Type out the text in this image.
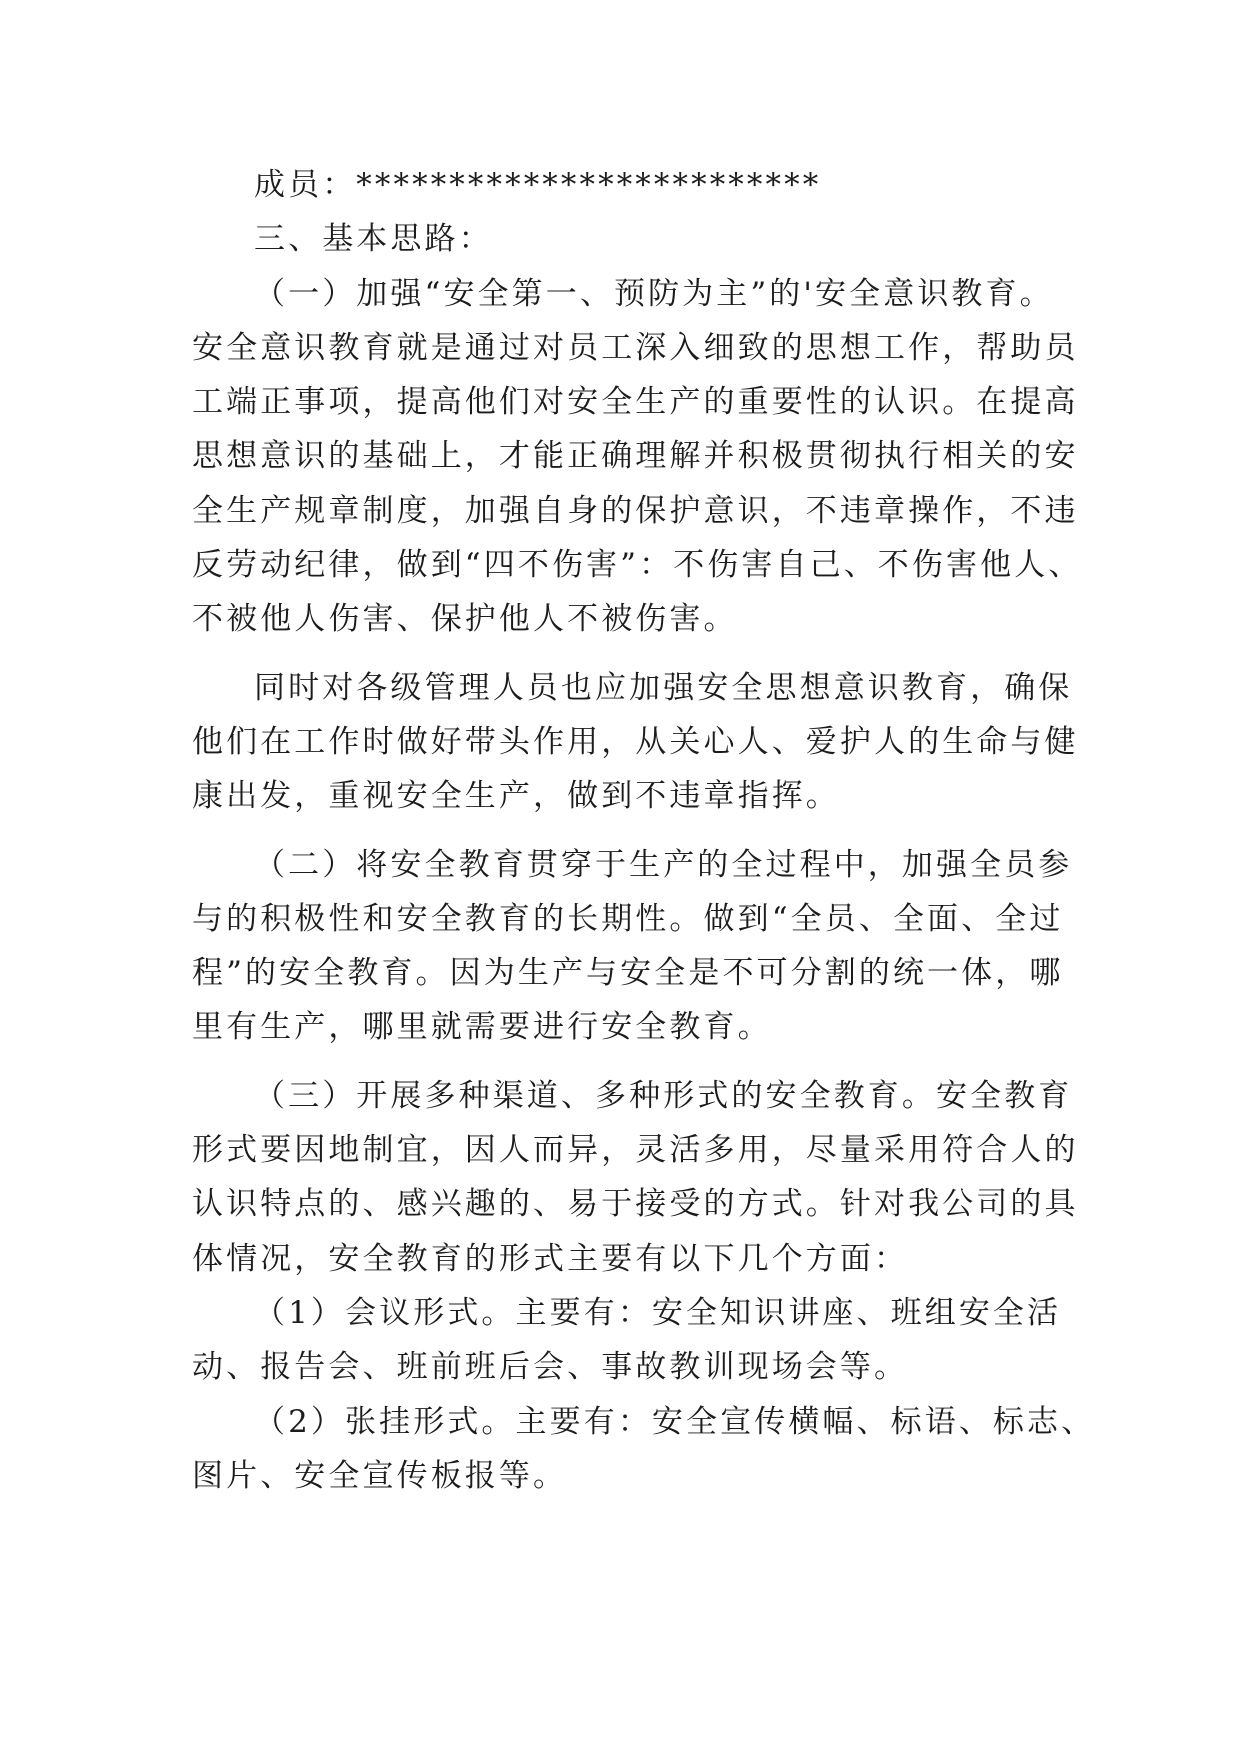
成员：*************************
三、基本思路：
（一）加强“安全第一、预防为主”的'安全意识教育。
安全意识教育就是通过对员工深入细致的思想工作，帮助员
工端正事项，提高他们对安全生产的重要性的认识。在提高
思想意识的基础上，才能正确理解并积极贯彻执行相关的安
全生产规章制度，加强自身的保护意识，不违章操作，不违
反劳动纪律，做到“四不伤害”：不伤害自己、不伤害他人、
不被他人伤害、保护他人不被伤害。
同时对各级管理人员也应加强安全思想意识教育，确保
他们在工作时做好带头作用，从关心人、爱护人的生命与健
康出发，重视安全生产，做到不违章指挥。
（二）将安全教育贯穿于生产的全过程中，加强全员参
与的积极性和安全教育的长期性。做到“全员、全面、全过
程”的安全教育。因为生产与安全是不可分割的统一体，哪
里有生产，哪里就需要进行安全教育。
（三）开展多种渠道、多种形式的安全教育。安全教育
形式要因地制宜，因人而异，灵活多用，尽量采用符合人的
认识特点的、感兴趣的、易于接受的方式。针对我公司的具
体情况，安全教育的形式主要有以下几个方面：
（1）会议形式。主要有：安全知识讲座、班组安全活
动、报告会、班前班后会、事故教训现场会等。
（2）张挂形式。主要有：安全宣传横幅、标语、标志、
图片、安全宣传板报等。
